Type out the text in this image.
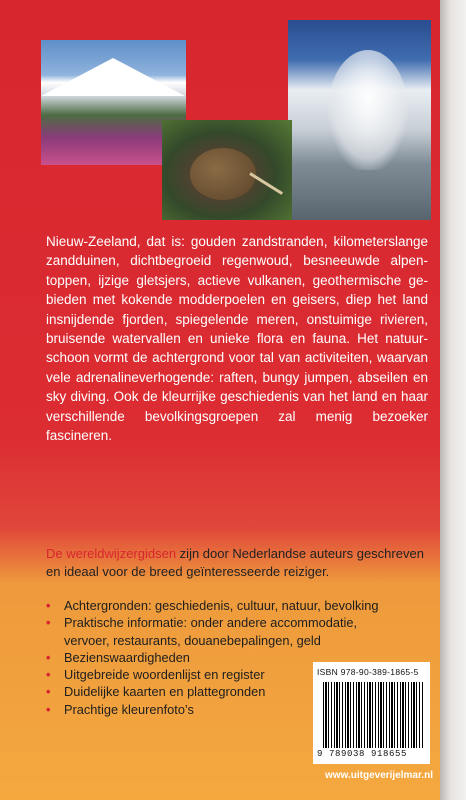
Nieuw-Zeeland, dat is: gouden zandstranden, kilometerslange zandduinen, dichtbegroeid regenwoud, besneeuwde alpentoppen, ijzige gletsjers, actieve vulkanen, geothermische gebieden met kokende modderpoelen en geisers, diep het land insnijdende fjorden, spiegelende meren, onstuimige rivieren, bruisende watervallen en unieke flora en fauna. Het natuurschoon vormt de achtergrond voor tal van activiteiten, waarvan vele adrenalineverhogende: raften, bungy jumpen, abseilen en sky diving. Ook de kleurrijke geschiedenis van het land en haar verschillende bevolkingsgroepen zal menig bezoeker fascineren.

De wereldwijzergidsen zijn door Nederlandse auteurs geschreven en ideaal voor de breed geïnteresseerde reiziger.

• Achtergronden: geschiedenis, cultuur, natuur, bevolking
• Praktische informatie: onder andere accommodatie, vervoer, restaurants, douanebepalingen, geld
• Bezienswaardigheden
• Uitgebreide woordenlijst en register
• Duidelijke kaarten en plattegronden
• Prachtige kleurenfoto’s
ISBN 978-90-389-1865-5
9 789038 918655
www.uitgeverijelmar.nl
